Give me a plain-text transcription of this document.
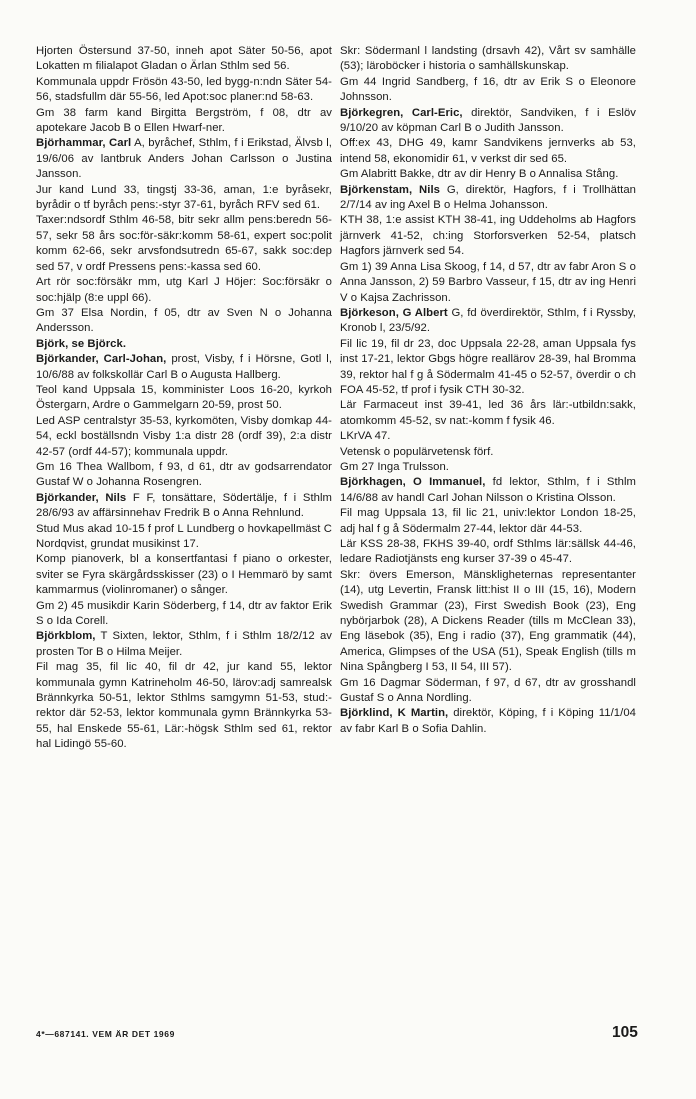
Hjorten Östersund 37-50, inneh apot Säter 50-56, apot Lokatten m filialapot Gladan o Ärlan Sthlm sed 56.

Kommunala uppdr Frösön 43-50, led bygg-n:ndn Säter 54-56, stadsfullm där 55-56, led Apot:soc planer:nd 58-63.

Gm 38 farm kand Birgitta Bergström, f 08, dtr av apotekare Jacob B o Ellen Hwarf-ner.

Björhammar, Carl A, byråchef, Sthlm, f i Erikstad, Älvsb l, 19/6/06 av lantbruk Anders Johan Carlsson o Justina Jansson.

Jur kand Lund 33, tingstj 33-36, aman, 1:e byråsekr, byrådir o tf byråch pens:-styr 37-61, byråch RFV sed 61.

Taxer:ndsordf Sthlm 46-58, bitr sekr allm pens:beredn 56-57, sekr 58 års soc:för-säkr:komm 58-61, expert soc:polit komm 62-66, sekr arvsfondsutredn 65-67, sakk soc:dep sed 57, v ordf Pressens pens:-kassa sed 60.

Art rör soc:försäkr mm, utg Karl J Höjer: Soc:försäkr o soc:hjälp (8:e uppl 66).

Gm 37 Elsa Nordin, f 05, dtr av Sven N o Johanna Andersson.

Björk, se Björck.

Björkander, Carl-Johan, prost, Visby, f i Hörsne, Gotl l, 10/6/88 av folkskollär Carl B o Augusta Hallberg.

Teol kand Uppsala 15, komminister Loos 16-20, kyrkoh Östergarn, Ardre o Gammelgarn 20-59, prost 50.

Led ASP centralstyr 35-53, kyrkomöten, Visby domkap 44-54, eckl boställsndn Visby 1:a distr 28 (ordf 39), 2:a distr 42-57 (ordf 44-57); kommunala uppdr.

Gm 16 Thea Wallbom, f 93, d 61, dtr av godsarrendator Gustaf W o Johanna Rosengren.

Björkander, Nils F F, tonsättare, Södertälje, f i Sthlm 28/6/93 av affärsinnehav Fredrik B o Anna Rehnlund.

Stud Mus akad 10-15 f prof L Lundberg o hovkapellmäst C Nordqvist, grundat musikinst 17.

Komp pianoverk, bl a konsertfantasi f piano o orkester, sviter se Fyra skärgårdsskisser (23) o I Hemmarö by samt kammarmus (violinromaner) o sånger.

Gm 2) 45 musikdir Karin Söderberg, f 14, dtr av faktor Erik S o Ida Corell.

Björkblom, T Sixten, lektor, Sthlm, f i Sthlm 18/2/12 av prosten Tor B o Hilma Meijer.

Fil mag 35, fil lic 40, fil dr 42, jur kand 55, lektor kommunala gymn Katrineholm 46-50, lärov:adj samrealsk Brännkyrka 50-51, lektor Sthlms samgymn 51-53, stud:-rektor där 52-53, lektor kommunala gymn Brännkyrka 53-55, hal Enskede 55-61, Lär:-högsk Sthlm sed 61, rektor hal Lidingö 55-60.

Skr: Södermanl l landsting (drsavh 42), Vårt sv samhälle (53); läroböcker i historia o samhällskunskap.

Gm 44 Ingrid Sandberg, f 16, dtr av Erik S o Eleonore Johnsson.

Björkegren, Carl-Eric, direktör, Sandviken, f i Eslöv 9/10/20 av köpman Carl B o Judith Jansson.

Off:ex 43, DHG 49, kamr Sandvikens jernverks ab 53, intend 58, ekonomidir 61, v verkst dir sed 65.

Gm Alabritt Bakke, dtr av dir Henry B o Annalisa Stång.

Björkenstam, Nils G, direktör, Hagfors, f i Trollhättan 2/7/14 av ing Axel B o Helma Johansson.

KTH 38, 1:e assist KTH 38-41, ing Uddeholms ab Hagfors järnverk 41-52, ch:ing Storforsverken 52-54, platsch Hagfors järnverk sed 54.

Gm 1) 39 Anna Lisa Skoog, f 14, d 57, dtr av fabr Aron S o Anna Jansson, 2) 59 Barbro Vasseur, f 15, dtr av ing Henri V o Kajsa Zachrisson.

Björkeson, G Albert G, fd överdirektör, Sthlm, f i Ryssby, Kronob l, 23/5/92.

Fil lic 19, fil dr 23, doc Uppsala 22-28, aman Uppsala fys inst 17-21, lektor Gbgs högre reallärov 28-39, hal Bromma 39, rektor hal f g å Södermalm 41-45 o 52-57, överdir o ch FOA 45-52, tf prof i fysik CTH 30-32.

Lär Farmaceut inst 39-41, led 36 års lär:-utbildn:sakk, atomkomm 45-52, sv nat:-komm f fysik 46.

LKrVA 47.

Vetensk o populärvetensk förf.

Gm 27 Inga Trulsson.

Björkhagen, O Immanuel, fd lektor, Sthlm, f i Sthlm 14/6/88 av handl Carl Johan Nilsson o Kristina Olsson.

Fil mag Uppsala 13, fil lic 21, univ:lektor London 18-25, adj hal f g å Södermalm 27-44, lektor där 44-53.

Lär KSS 28-38, FKHS 39-40, ordf Sthlms lär:sällsk 44-46, ledare Radiotjänsts eng kurser 37-39 o 45-47.

Skr: övers Emerson, Mänskligheternas representanter (14), utg Levertin, Fransk litt:hist II o III (15, 16), Modern Swedish Grammar (23), First Swedish Book (23), Eng nybörjarbok (28), A Dickens Reader (tills m McClean 33), Eng läsebok (35), Eng i radio (37), Eng grammatik (44), America, Glimpses of the USA (51), Speak English (tills m Nina Spångberg I 53, II 54, III 57).

Gm 16 Dagmar Söderman, f 97, d 67, dtr av grosshandl Gustaf S o Anna Nordling.

Björklind, K Martin, direktör, Köping, f i Köping 11/1/04 av fabr Karl B o Sofia Dahlin.

4*—687141. VEM ÄR DET 1969	105
